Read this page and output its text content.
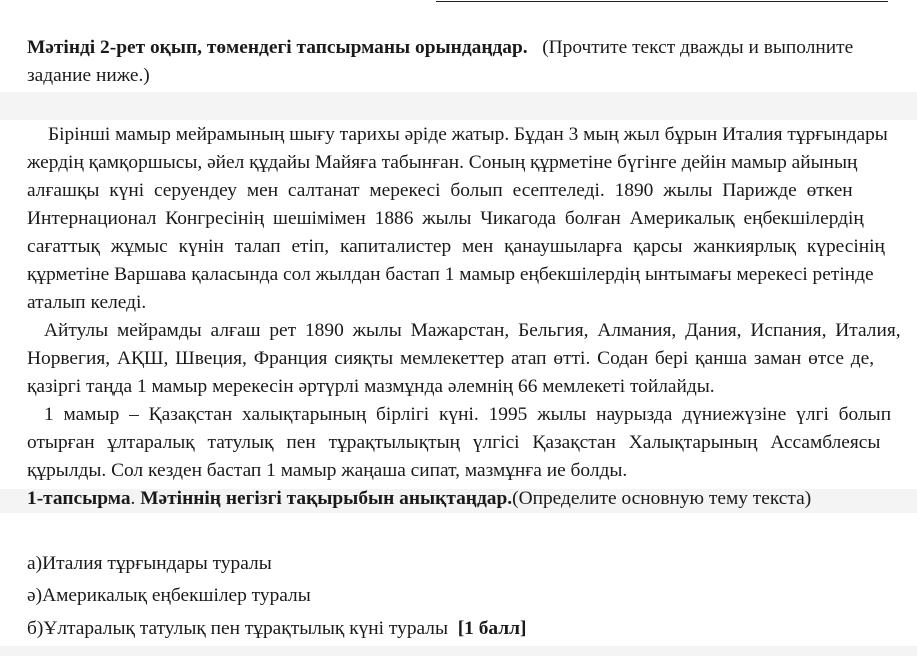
Мәтінді 2-рет оқып, төмендегі тапсырманы орындаңдар. (Прочтите текст дважды и выполните
задание ниже.)
Бірінші мамыр мейрамының шығу тарихы әріде жатыр. Бұдан 3 мың жыл бұрын Италия тұрғындары
жердің қамқоршысы, әйел құдайы Майяға табынған. Соның құрметіне бүгінге дейін мамыр айының
алғашқы күні серуендеу мен салтанат мерекесі болып есептеледі. 1890 жылы Парижде өткен
Интернационал Конгресінің шешімімен 1886 жылы Чикагода болған Америкалық еңбекшілердің
сағаттық жұмыс күнін талап етіп, капиталистер мен қанаушыларға қарсы жанкиярлық күресінің
құрметіне Варшава қаласында сол жылдан бастап 1 мамыр еңбекшілердің ынтымағы мерекесі ретінде
аталып келеді.
Айтулы мейрамды алғаш рет 1890 жылы Мажарстан, Бельгия, Алмания, Дания, Испания, Италия,
Норвегия, АҚШ, Швеция, Франция сияқты мемлекеттер атап өтті. Содан бері қанша заман өтсе де,
қазіргі таңда 1 мамыр мерекесін әртүрлі мазмұнда әлемнің 66 мемлекеті тойлайды.
1 мамыр – Қазақстан халықтарының бірлігі күні. 1995 жылы наурызда дүниежүзіне үлгі болып
отырған ұлтаралық татулық пен тұрақтылықтың үлгісі Қазақстан Халықтарының Ассамблеясы
құрылды. Сол кезден бастап 1 мамыр жаңаша сипат, мазмұнға ие болды.
1-тапсырма. Мәтіннің негізгі тақырыбын анықтаңдар.(Определите основную тему текста)
а)Италия тұрғындары туралы
ә)Америкалық еңбекшілер туралы
б)Ұлтаралық татулық пен тұрақтылық күні туралы [1 балл]
